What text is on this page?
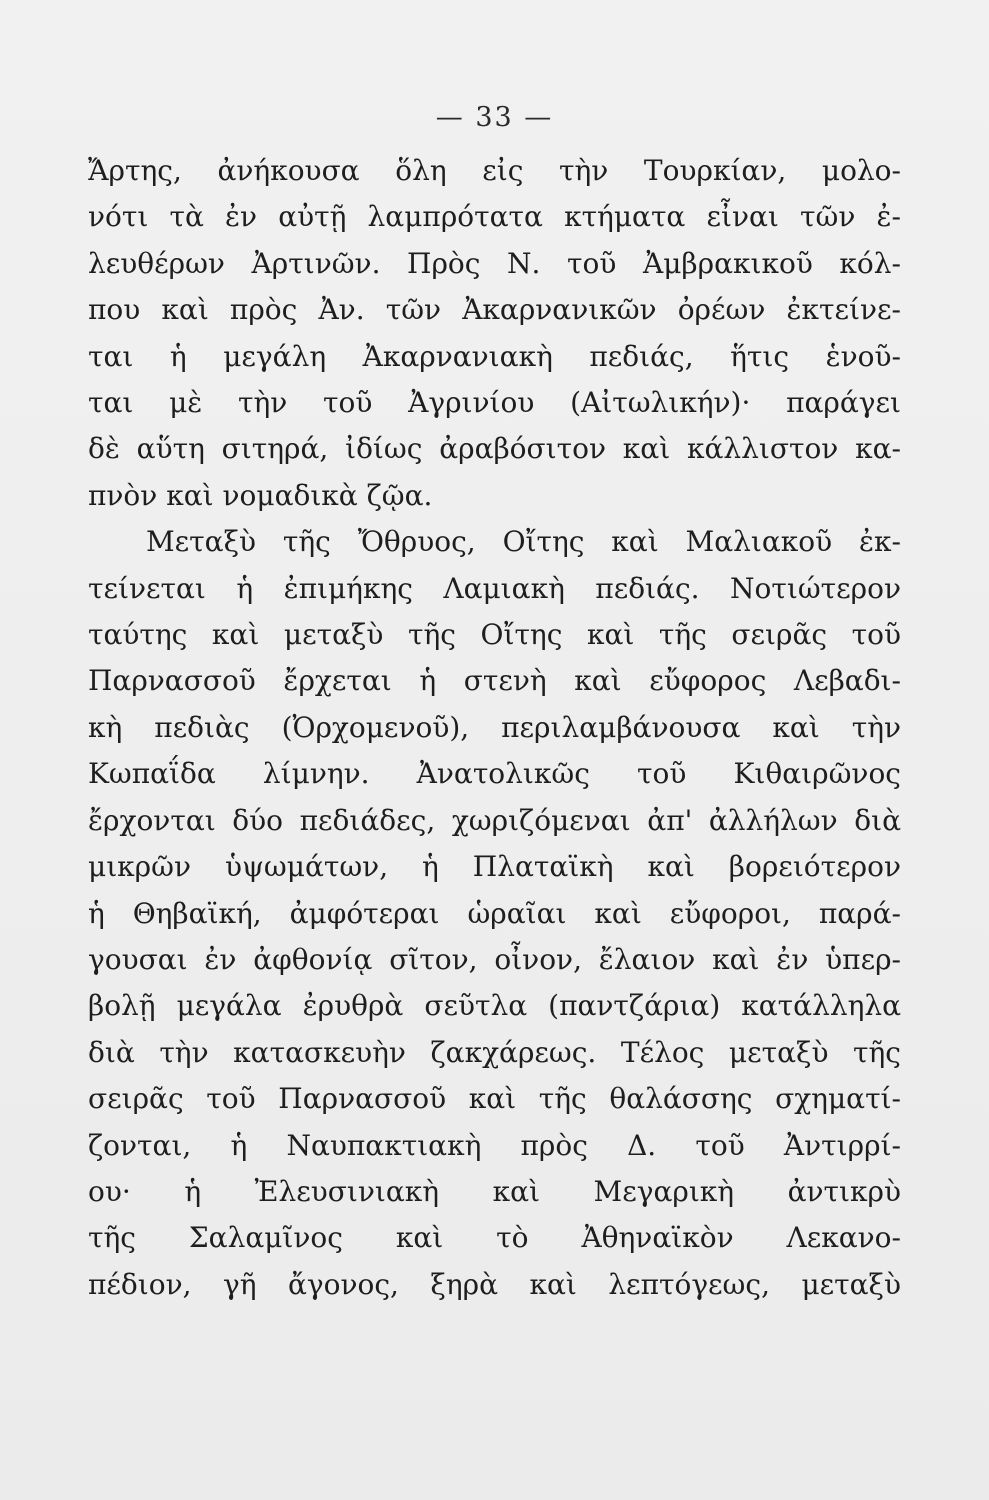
— 33 —

Ἄρτης, ἀνήκουσα ὅλη εἰς τὴν Τουρκίαν, μολο-
νότι τὰ ἐν αὐτῇ λαμπρότατα κτήματα εἶναι τῶν ἐ-
λευθέρων Ἀρτινῶν. Πρὸς Ν. τοῦ Ἀμβρακικοῦ κόλ-
που καὶ πρὸς Ἀν. τῶν Ἀκαρνανικῶν ὀρέων ἐκτείνε-
ται ἡ μεγάλη Ἀκαρνανιακὴ πεδιάς, ἥτις ἑνοῦ-
ται μὲ τὴν τοῦ Ἀγρινίου (Αἰτωλικήν)· παράγει
δὲ αὕτη σιτηρά, ἰδίως ἀραβόσιτον καὶ κάλλιστον κα-
πνὸν καὶ νομαδικὰ ζῷα.

Μεταξὺ τῆς Ὄθρυος, Οἴτης καὶ Μαλιακοῦ ἐκ-
τείνεται ἡ ἐπιμήκης Λαμιακὴ πεδιάς. Νοτιώτερον
ταύτης καὶ μεταξὺ τῆς Οἴτης καὶ τῆς σειρᾶς τοῦ
Παρνασσοῦ ἔρχεται ἡ στενὴ καὶ εὔφορος Λεβαδι-
κὴ πεδιὰς (Ὀρχομενοῦ), περιλαμβάνουσα καὶ τὴν
Κωπαΐδα λίμνην. Ἀνατολικῶς τοῦ Κιθαιρῶνος
ἔρχονται δύο πεδιάδες, χωριζόμεναι ἀπ' ἀλλήλων διὰ
μικρῶν ὑψωμάτων, ἡ Πλαταϊκὴ καὶ βορειότερον
ἡ Θηβαϊκή, ἀμφότεραι ὡραῖαι καὶ εὔφοροι, παρά-
γουσαι ἐν ἀφθονίᾳ σῖτον, οἶνον, ἔλαιον καὶ ἐν ὑπερ-
βολῇ μεγάλα ἐρυθρὰ σεῦτλα (παντζάρια) κατάλληλα
διὰ τὴν κατασκευὴν ζακχάρεως. Τέλος μεταξὺ τῆς
σειρᾶς τοῦ Παρνασσοῦ καὶ τῆς θαλάσσης σχηματί-
ζονται, ἡ Ναυπακτιακὴ πρὸς Δ. τοῦ Ἀντιρρί-
ου· ἡ Ἐλευσινιακὴ καὶ Μεγαρικὴ ἀντικρὺ
τῆς Σαλαμῖνος καὶ τὸ Ἀθηναϊκὸν Λεκανο-
πέδιον, γῆ ἄγονος, ξηρὰ καὶ λεπτόγεως, μεταξὺ
